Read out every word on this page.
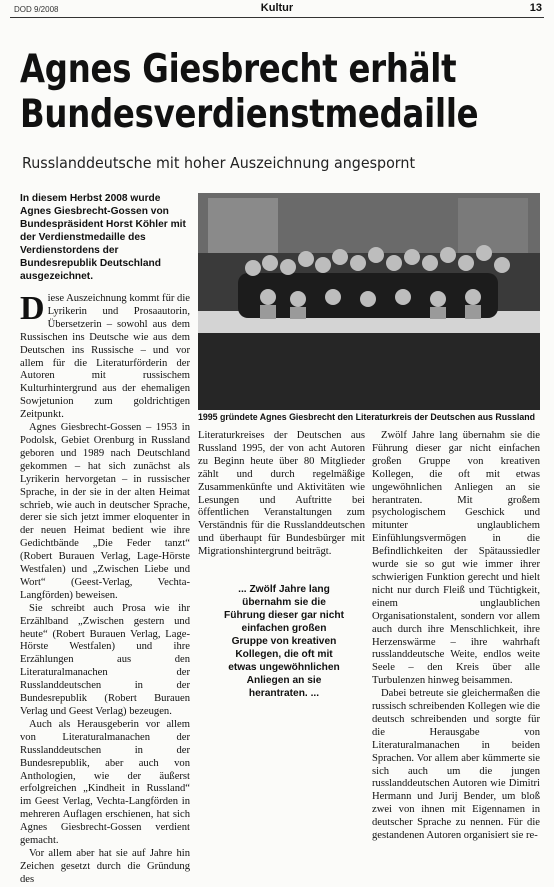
DOD 9/2008	Kultur	13
Agnes Giesbrecht erhält
Bundesverdienstmedaille

Russlanddeutsche mit hoher Auszeichnung angespornt

In diesem Herbst 2008 wurde Agnes Giesbrecht-Gossen von Bundespräsident Horst Köhler mit der Verdienstmedaille des Verdienstordens der Bundesrepublik Deutschland ausgezeichnet.

Diese Auszeichnung kommt für die Lyrikerin und Prosaautorin, Übersetzerin – sowohl aus dem Russischen ins Deutsche wie aus dem Deutschen ins Russische – und vor allem für die Literaturförderin der Autoren mit russischem Kulturhintergrund aus der ehemaligen Sowjetunion zum goldrichtigen Zeitpunkt.

Agnes Giesbrecht-Gossen – 1953 in Podolsk, Gebiet Orenburg in Russland geboren und 1989 nach Deutschland gekommen – hat sich zunächst als Lyrikerin hervorgetan – in russischer Sprache, in der sie in der alten Heimat schrieb, wie auch in deutscher Sprache, derer sie sich jetzt immer eloquenter in der neuen Heimat bedient wie ihre Gedichtbände „Die Feder tanzt“ (Robert Burauen Verlag, Lage-Hörste Westfalen) und „Zwischen Liebe und Wort“ (Geest-Verlag, Vechta-Langförden) beweisen.

Sie schreibt auch Prosa wie ihr Erzählband „Zwischen gestern und heute“ (Robert Burauen Verlag, Lage-Hörste Westfalen) und ihre Erzählungen aus den Literaturalmanachen der Russlanddeutschen in der Bundesrepublik (Robert Burauen Verlag und Geest Verlag) bezeugen.

Auch als Herausgeberin vor allem von Literaturalmanachen der Russlanddeutschen in der Bundesrepublik, aber auch von Anthologien, wie der äußerst erfolgreichen „Kindheit in Russland“ im Geest Verlag, Vechta-Langförden in mehreren Auflagen erschienen, hat sich Agnes Giesbrecht-Gossen verdient gemacht.

Vor allem aber hat sie auf Jahre hin Zeichen gesetzt durch die Gründung des

1995 gründete Agnes Giesbrecht den Literaturkreis der Deutschen aus Russland

Literaturkreises der Deutschen aus Russland 1995, der von acht Autoren zu Beginn heute über 80 Mitglieder zählt und durch regelmäßige Zusammenkünfte und Aktivitäten wie Lesungen und Auftritte bei öffentlichen Veranstaltungen zum Verständnis für die Russlanddeutschen und überhaupt für Bundesbürger mit Migrationshintergrund beiträgt.

... Zwölf Jahre lang übernahm sie die Führung dieser gar nicht einfachen großen Gruppe von kreativen Kollegen, die oft mit etwas ungewöhnlichen Anliegen an sie herantraten. ...

Zwölf Jahre lang übernahm sie die Führung dieser gar nicht einfachen großen Gruppe von kreativen Kollegen, die oft mit etwas ungewöhnlichen Anliegen an sie herantraten. Mit großem psychologischem Geschick und mitunter unglaublichem Einfühlungsvermögen in die Befindlichkeiten der Spätaussiedler wurde sie so gut wie immer ihrer schwierigen Funktion gerecht und hielt nicht nur durch Fleiß und Tüchtigkeit, einem unglaublichen Organisationstalent, sondern vor allem auch durch ihre Menschlichkeit, ihre Herzenswärme – ihre wahrhaft russlanddeutsche Weite, endlos weite Seele – den Kreis über alle Turbulenzen hinweg beisammen.

Dabei betreute sie gleichermaßen die russisch schreibenden Kollegen wie die deutsch schreibenden und sorgte für die Herausgabe von Literaturalmanachen in beiden Sprachen. Vor allem aber kümmerte sie sich auch um die jungen russlanddeutschen Autoren wie Dimitri Hermann und Jurij Bender, um bloß zwei von ihnen mit Eigennamen in deutscher Sprache zu nennen. Für die gestandenen Autoren organisiert sie re-
